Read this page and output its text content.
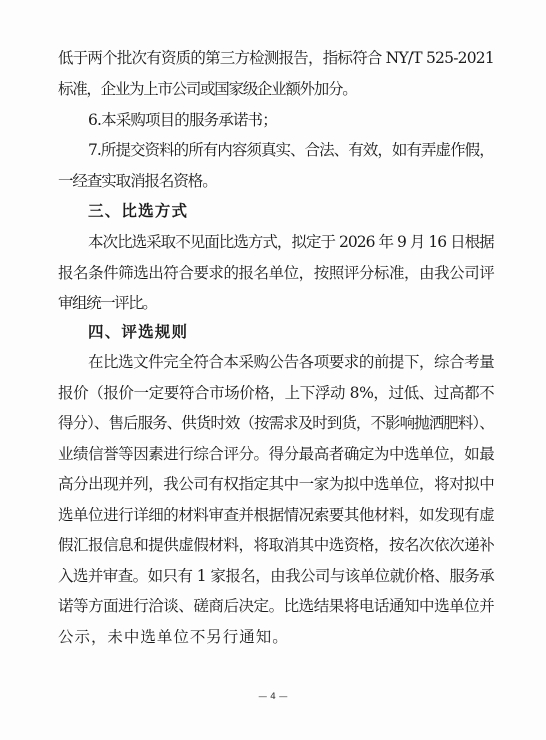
低于两个批次有资质的第三方检测报告，指标符合 NY/T 525-2021
标准，企业为上市公司或国家级企业额外加分。
6.本采购项目的服务承诺书；
7.所提交资料的所有内容须真实、合法、有效，如有弄虚作假，
一经查实取消报名资格。
三、比选方式
本次比选采取不见面比选方式，拟定于 2026 年 9 月 16 日根据
报名条件筛选出符合要求的报名单位，按照评分标准，由我公司评
审组统一评比。
四、评选规则
在比选文件完全符合本采购公告各项要求的前提下，综合考量
报价（报价一定要符合市场价格，上下浮动 8%，过低、过高都不
得分）、售后服务、供货时效（按需求及时到货，不影响抛洒肥料）、
业绩信誉等因素进行综合评分。得分最高者确定为中选单位，如最
高分出现并列，我公司有权指定其中一家为拟中选单位，将对拟中
选单位进行详细的材料审查并根据情况索要其他材料，如发现有虚
假汇报信息和提供虚假材料，将取消其中选资格，按名次依次递补
入选并审查。如只有 1 家报名，由我公司与该单位就价格、服务承
诺等方面进行洽谈、磋商后决定。比选结果将电话通知中选单位并
公示，未中选单位不另行通知。
— 4 —
